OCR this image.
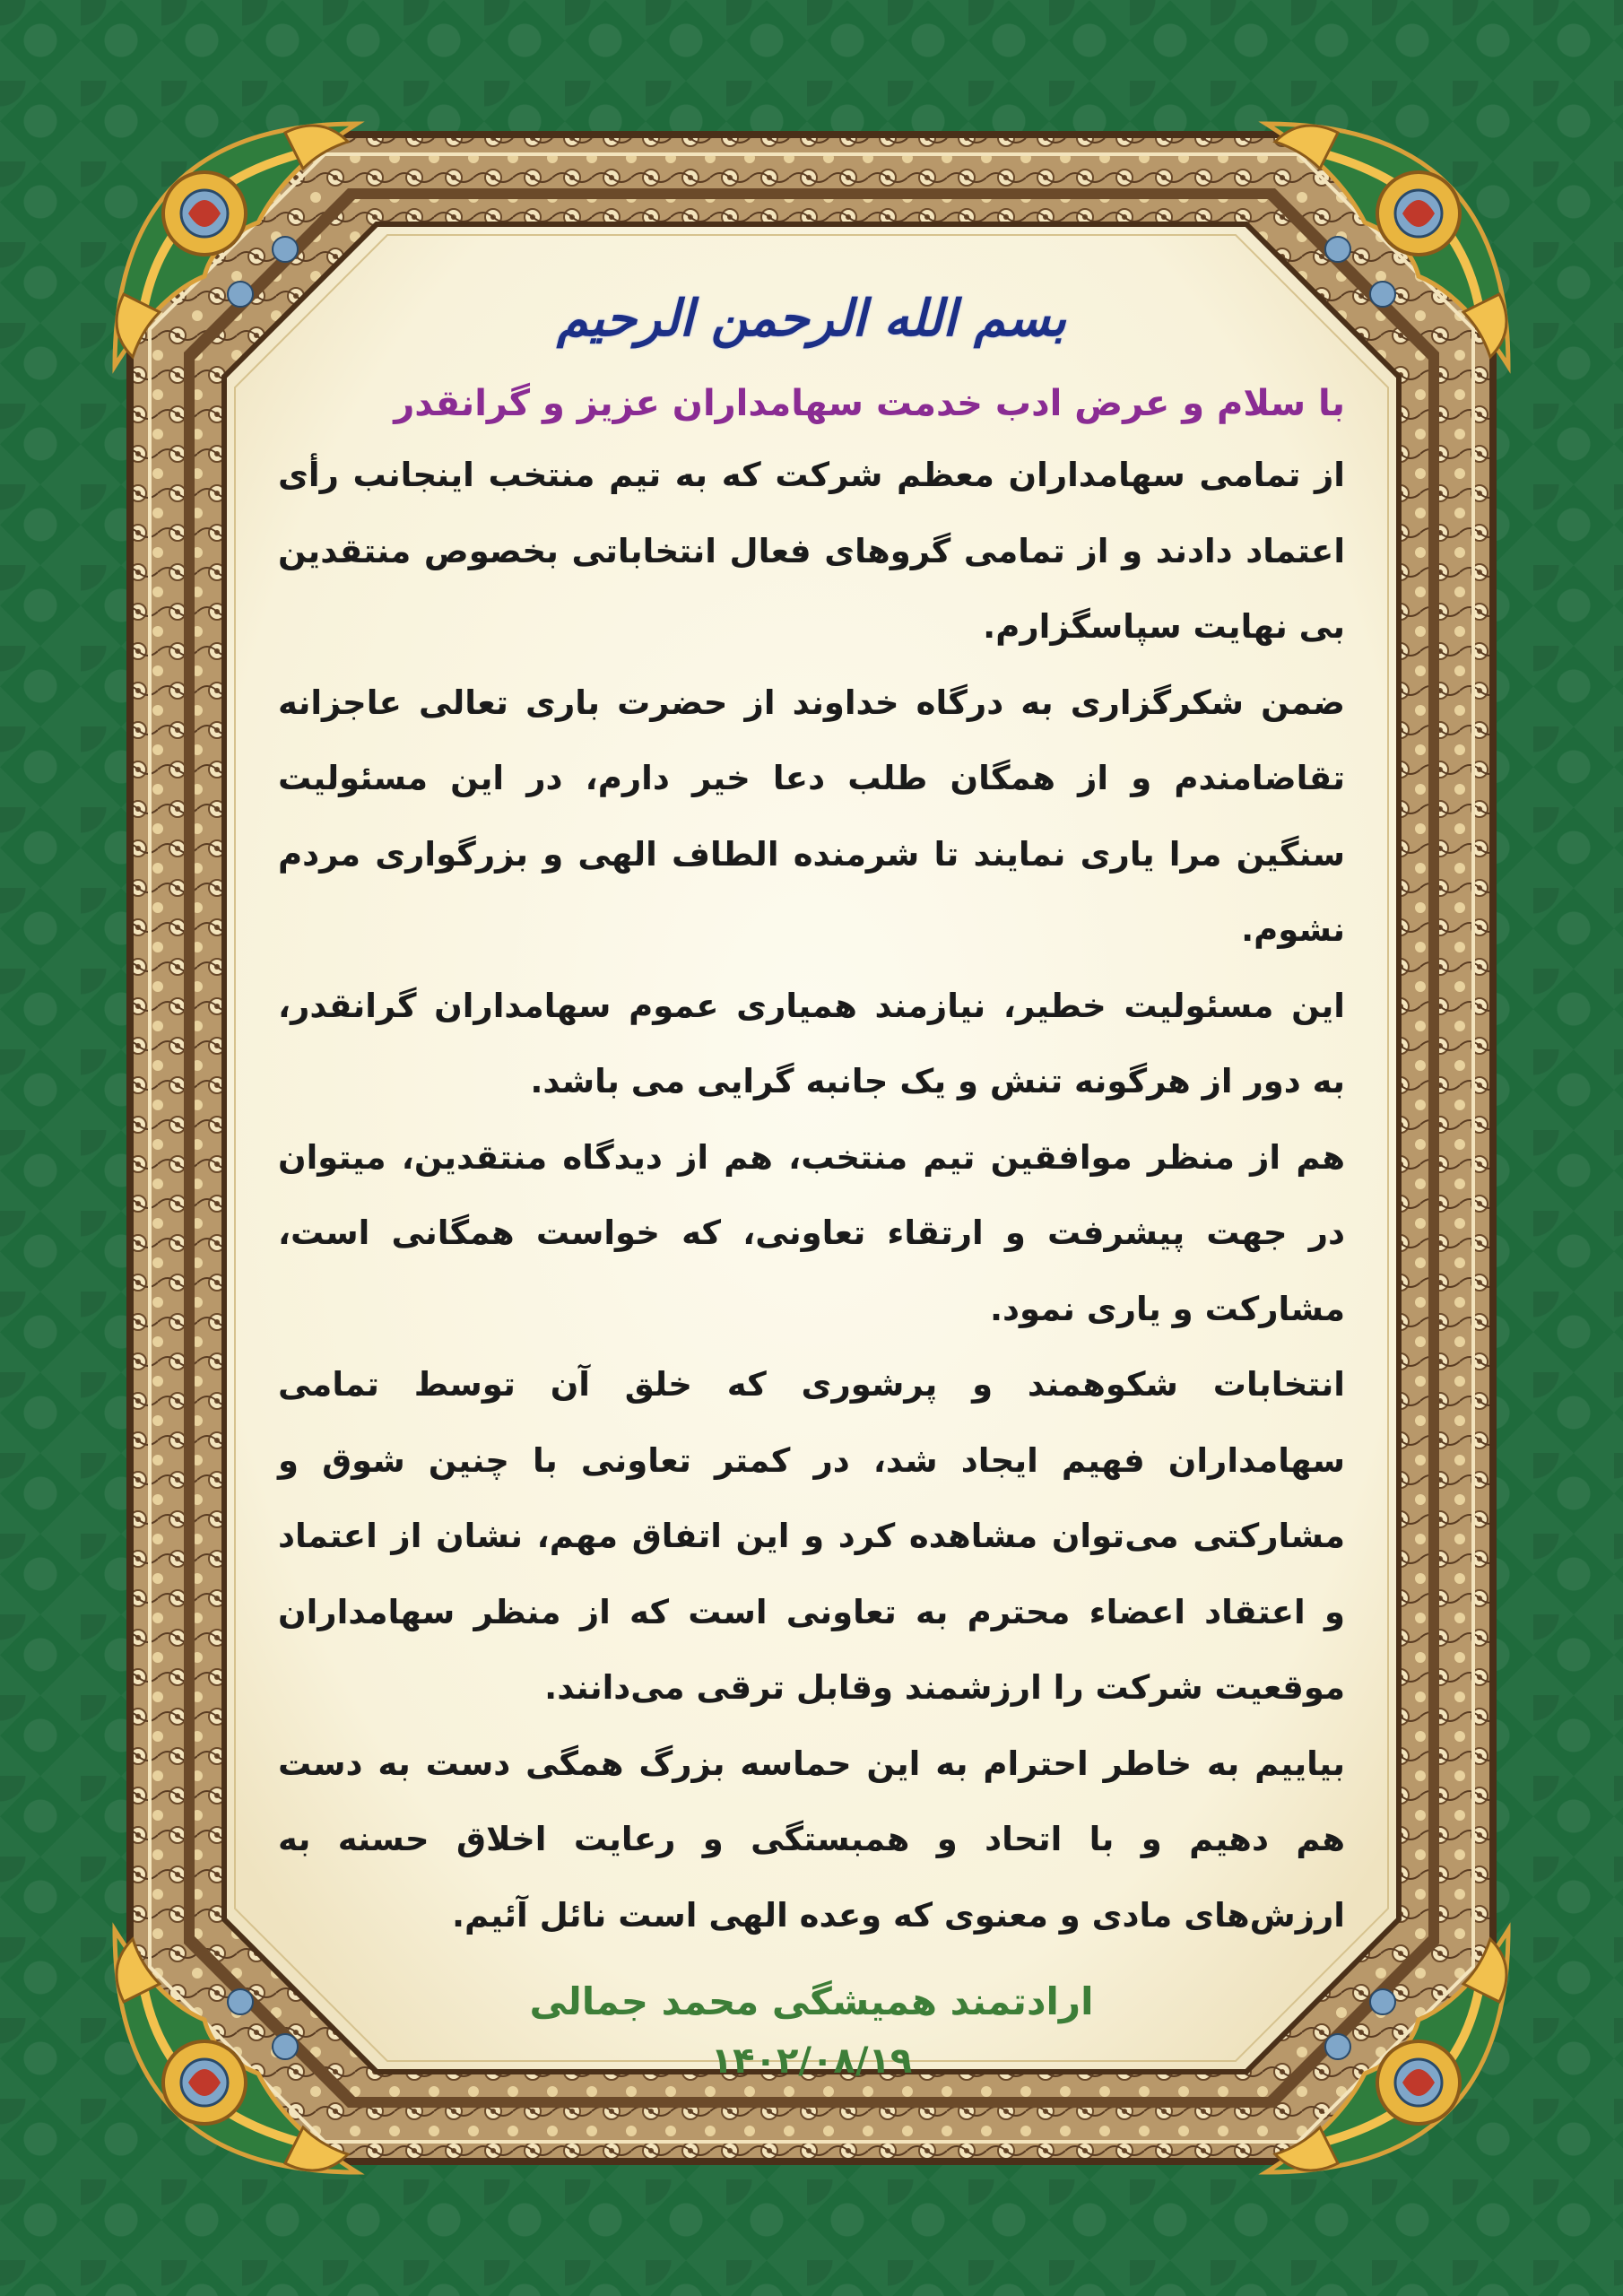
بسم الله الرحمن الرحیم
با سلام و عرض ادب خدمت سهامداران عزیز و گرانقدر

از تمامی سهامداران معظم شرکت که به تیم منتخب اینجانب رأی اعتماد دادند و از تمامی گروهای فعال انتخاباتی بخصوص منتقدین بی نهایت سپاسگزارم.

ضمن شکرگزاری به درگاه خداوند از حضرت باری تعالی عاجزانه تقاضامندم و از همگان طلب دعا خیر دارم، در این مسئولیت سنگین مرا یاری نمایند تا شرمنده الطاف الهی و بزرگواری مردم نشوم.

این مسئولیت خطیر، نیازمند همیاری عموم سهامداران گرانقدر، به دور از هرگونه تنش و یک جانبه گرایی می باشد.

هم از منظر موافقین تیم منتخب، هم از دیدگاه منتقدین، میتوان در جهت پیشرفت و ارتقاء تعاونی، که خواست همگانی است، مشارکت و یاری نمود.

انتخابات شکوهمند و پرشوری که خلق آن توسط تمامی سهامداران فهیم ایجاد شد، در کمتر تعاونی با چنین شوق و مشارکتی می‌توان مشاهده کرد و این اتفاق مهم، نشان از اعتماد و اعتقاد اعضاء محترم به تعاونی است که از منظر سهامداران موقعیت شرکت را ارزشمند وقابل ترقی می‌دانند.

بیاییم به خاطر احترام به این حماسه بزرگ همگی دست به دست هم دهیم و با اتحاد و همبستگی و رعایت اخلاق حسنه به ارزش‌های مادی و معنوی که وعده الهی است نائل آئیم.

ارادتمند همیشگی محمد جمالی
۱۴۰۲/۰۸/۱۹
